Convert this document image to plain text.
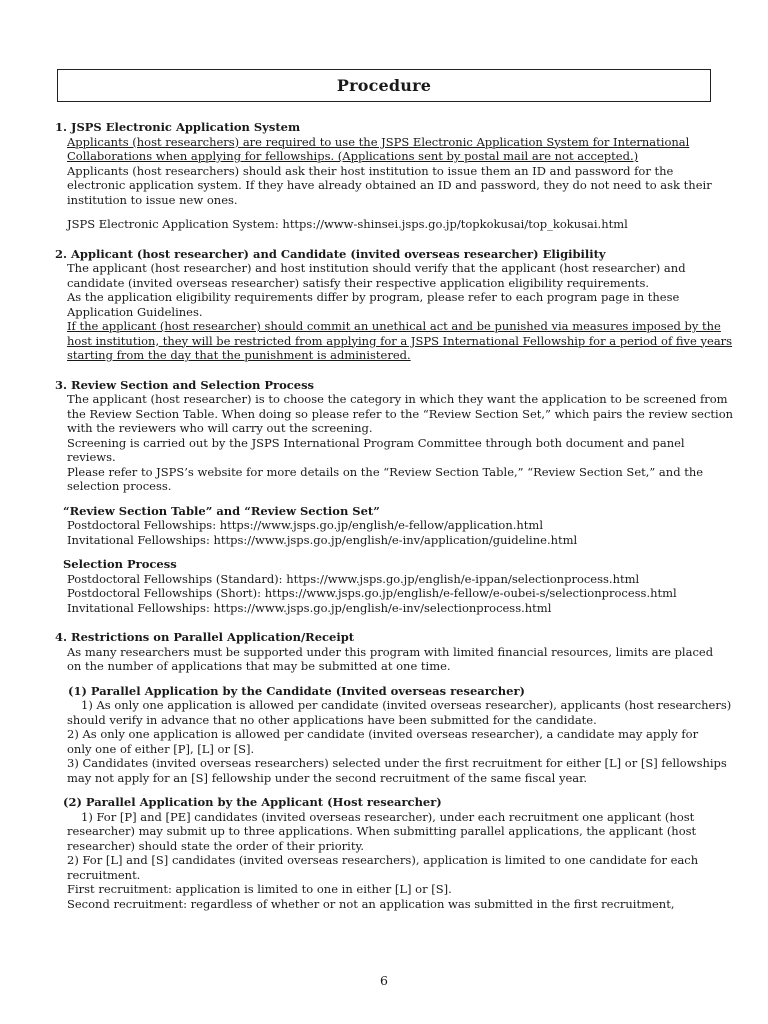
Procedure

1. JSPS Electronic Application System

Applicants (host researchers) are required to use the JSPS Electronic Application System for International

Collaborations when applying for fellowships. (Applications sent by postal mail are not accepted.)

Applicants (host researchers) should ask their host institution to issue them an ID and password for the

electronic application system. If they have already obtained an ID and password, they do not need to ask their

institution to issue new ones.

JSPS Electronic Application System: https://www-shinsei.jsps.go.jp/topkokusai/top_kokusai.html

2. Applicant (host researcher) and Candidate (invited overseas researcher) Eligibility

The applicant (host researcher) and host institution should verify that the applicant (host researcher) and

candidate (invited overseas researcher) satisfy their respective application eligibility requirements.

As the application eligibility requirements differ by program, please refer to each program page in these

Application Guidelines.

If the applicant (host researcher) should commit an unethical act and be punished via measures imposed by the

host institution, they will be restricted from applying for a JSPS International Fellowship for a period of five years

starting from the day that the punishment is administered.

3. Review Section and Selection Process

The applicant (host researcher) is to choose the category in which they want the application to be screened from

the Review Section Table. When doing so please refer to the “Review Section Set,” which pairs the review section

with the reviewers who will carry out the screening.

Screening is carried out by the JSPS International Program Committee through both document and panel

reviews.

Please refer to JSPS’s website for more details on the “Review Section Table,” “Review Section Set,” and the

selection process.

“Review Section Table” and “Review Section Set”

Postdoctoral Fellowships: https://www.jsps.go.jp/english/e-fellow/application.html

Invitational Fellowships: https://www.jsps.go.jp/english/e-inv/application/guideline.html

Selection Process

Postdoctoral Fellowships (Standard): https://www.jsps.go.jp/english/e-ippan/selectionprocess.html

Postdoctoral Fellowships (Short): https://www.jsps.go.jp/english/e-fellow/e-oubei-s/selectionprocess.html

Invitational Fellowships: https://www.jsps.go.jp/english/e-inv/selectionprocess.html

4. Restrictions on Parallel Application/Receipt

As many researchers must be supported under this program with limited financial resources, limits are placed

on the number of applications that may be submitted at one time.

(1) Parallel Application by the Candidate (Invited overseas researcher)

1) As only one application is allowed per candidate (invited overseas researcher), applicants (host researchers)

should verify in advance that no other applications have been submitted for the candidate.

2) As only one application is allowed per candidate (invited overseas researcher), a candidate may apply for

only one of either [P], [L] or [S].

3) Candidates (invited overseas researchers) selected under the first recruitment for either [L] or [S] fellowships

may not apply for an [S] fellowship under the second recruitment of the same fiscal year.

(2) Parallel Application by the Applicant (Host researcher)

1) For [P] and [PE] candidates (invited overseas researcher), under each recruitment one applicant (host

researcher) may submit up to three applications. When submitting parallel applications, the applicant (host

researcher) should state the order of their priority.

2) For [L] and [S] candidates (invited overseas researchers), application is limited to one candidate for each

recruitment.

First recruitment: application is limited to one in either [L] or [S].

Second recruitment: regardless of whether or not an application was submitted in the first recruitment,

6
